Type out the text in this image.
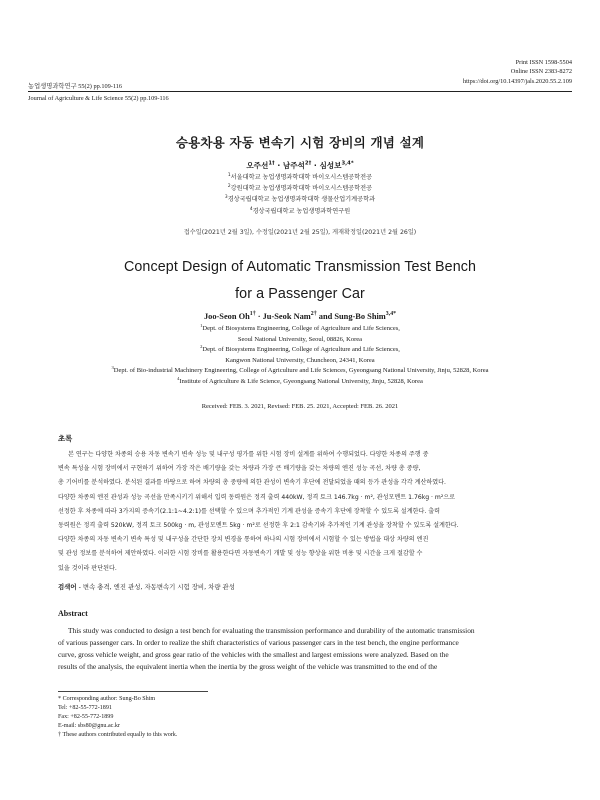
Print ISSN 1598-5504
Online ISSN 2383-8272
https://doi.org/10.14397/jals.2020.55.2.109
농업생명과학연구 55(2) pp.109-116
Journal of Agriculture & Life Science 55(2) pp.109-116
승용차용 자동 변속기 시험 장비의 개념 설계
오주선$^{1\dagger}$ · 남주석$^{2\dagger}$ · 심성보$^{3,4*}$
$^1$서울대학교 농업생명과학대학 바이오시스템공학전공
$^2$강원대학교 농업생명과학대학 바이오시스템공학전공
$^3$경상국립대학교 농업생명과학대학 생물산업기계공학과
$^4$경상국립대학교 농업생명과학연구원
접수일(2021년 2월 3일), 수정일(2021년 2월 25일), 게재확정일(2021년 2월 26일)
Concept Design of Automatic Transmission Test Bench
for a Passenger Car
Joo-Seon $Oh^{1\dagger}$ · Ju-Seok Nam$^{2\dagger}$ and Sung-Bo Shim$^{3,4*}$
$^1$Dept. of Biosystems Engineering, College of Agriculture and Life Sciences,
Seoul National University, Seoul, 08826, Korea
$^2$Dept. of Biosystems Engineering, College of Agriculture and Life Sciences,
Kangwon National University, Chuncheon, 24341, Korea
$^3$Dept. of Bio-industrial Machinery Engineering, College of Agriculture and Life Sciences, Gyeongsang National University, Jinju, 52828, Korea
$^4$Institute of Agriculture & Life Science, Gyeongsang National University, Jinju, 52828, Korea
Received: FEB. 3. 2021, Revised: FEB. 25. 2021, Accepted: FEB. 26. 2021
초록
본 연구는 다양한 차종의 승용 자동 변속기 변속 성능 및 내구성 평가를 위한 시험 장비 설계를 위하여 수행되었다. 다양한 차종의 주행 중
변속 특성을 시험 장비에서 구현하기 위하여 가장 작은 배기량을 갖는 차량과 가장 큰 배기량을 갖는 차량의 엔진 성능 곡선, 차량 총 중량,
총 기어비를 분석하였다. 분석된 결과를 바탕으로 하여 차량의 총 중량에 의한 관성이 변속기 후단에 전달되었을 때의 등가 관성을 각각 계산하였다.
다양한 차종의 엔진 관성과 성능 곡선을 만족시키기 위해서 입력 동력원은 정격 출력 440kW, 정격 토크 146.7kg · m², 관성모멘트 1.76kg · m²으로
선정한 후 차종에 따라 3가지의 증속기(2.1:1~4.2:1)를 선택할 수 있으며 추가적인 기계 관성을 증속기 후단에 장착할 수 있도록 설계한다. 출력
동력원은 정격 출력 520kW, 정격 토크 500kg · m, 관성모멘트 5kg · m²로 선정한 후 2:1 감속기와 추가적인 기계 관성을 장착할 수 있도록 설계한다.
다양한 차종의 자동 변속기 변속 특성 및 내구성을 간단한 장치 변경을 통하여 하나의 시험 장비에서 시험할 수 있는 방법을 대상 차량의 엔진
및 관성 정보를 분석하여 제안하였다. 이러한 시험 장비를 활용한다면 자동변속기 개발 및 성능 향상을 위한 비용 및 시간을 크게 절감할 수
있을 것이라 판단된다.
검색어 - 변속 충격, 엔진 관성, 자동변속기 시험 장비, 차량 관성
Abstract
This study was conducted to design a test bench for evaluating the transmission performance and durability of the automatic transmission
of various passenger cars. In order to realize the shift characteristics of various passenger cars in the test bench, the engine performance
curve, gross vehicle weight, and gross gear ratio of the vehicles with the smallest and largest emissions were analyzed. Based on the
results of the analysis, the equivalent inertia when the inertia by the gross weight of the vehicle was transmitted to the end of the
* Corresponding author: Sung-Bo Shim
Tel: +82-55-772-1891
Fax: +82-55-772-1899
E-mail: sbs80@gnu.ac.kr
† These authors contributed equally to this work.
